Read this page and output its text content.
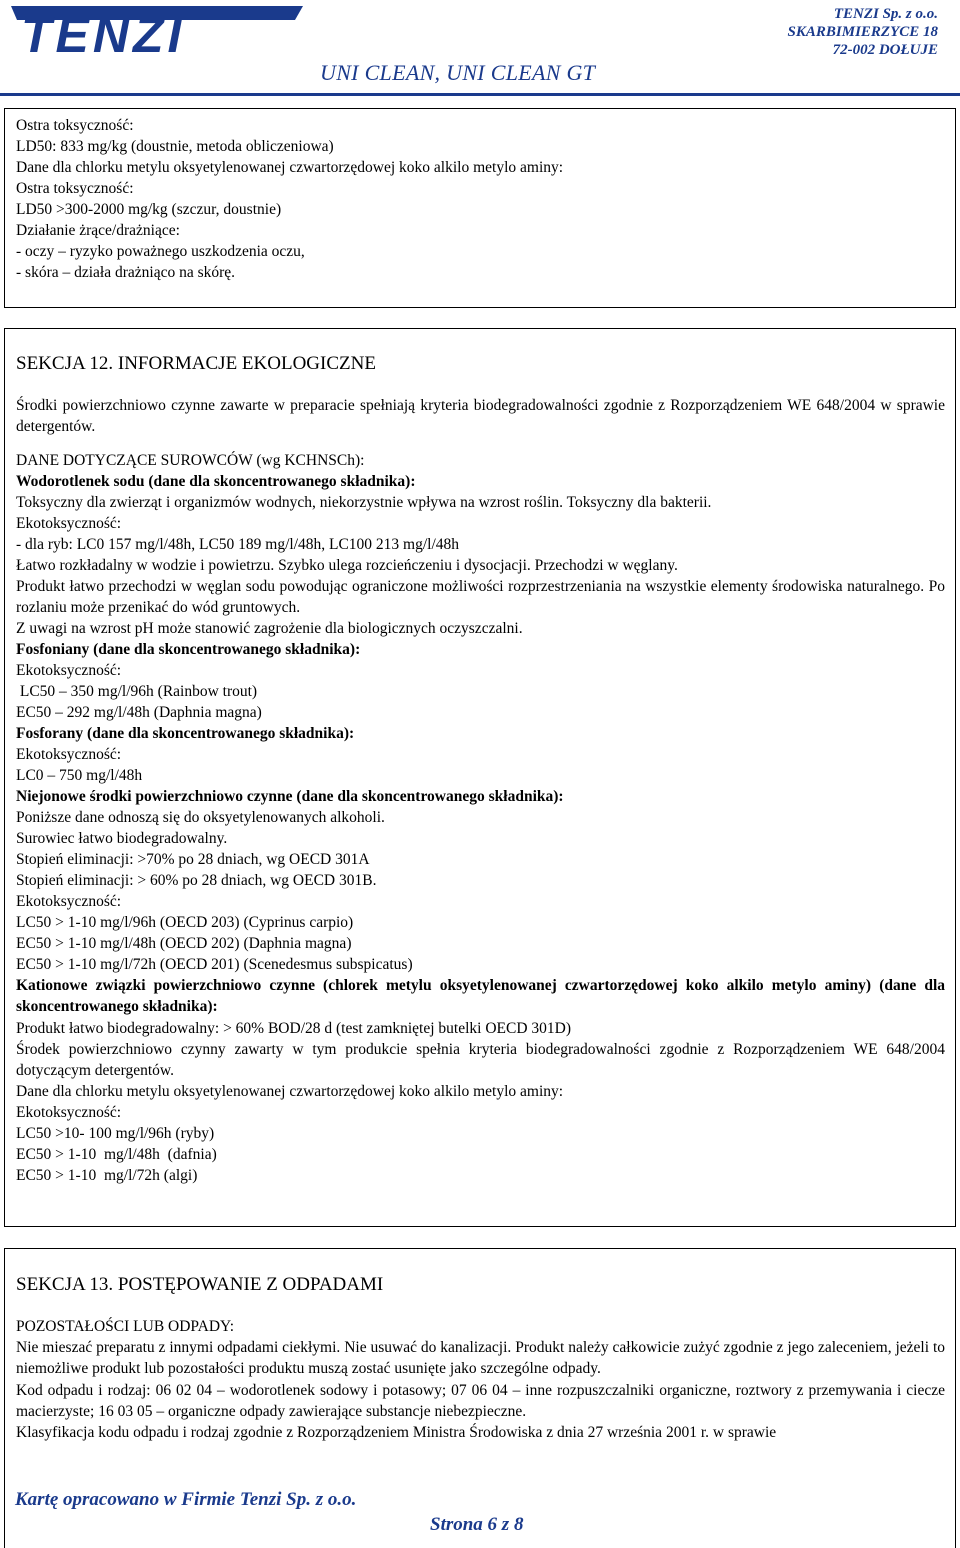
TENZI	TENZI Sp. z o.o.
SKARBIMIERZYCE 18
72-002 DOŁUJE
UNI CLEAN, UNI CLEAN GT
Ostra toksyczność:
LD50: 833 mg/kg (doustnie, metoda obliczeniowa)
Dane dla chlorku metylu oksyetylenowanej czwartorzędowej koko alkilo metylo aminy:
Ostra toksyczność:
LD50 >300-2000 mg/kg (szczur, doustnie)
Działanie żrące/drażniące:
- oczy – ryzyko poważnego uszkodzenia oczu,
- skóra – działa drażniąco na skórę.
SEKCJA 12. INFORMACJE EKOLOGICZNE
Środki powierzchniowo czynne zawarte w preparacie spełniają kryteria biodegradowalności zgodnie z Rozporządzeniem WE 648/2004 w sprawie detergentów.
DANE DOTYCZĄCE SUROWCÓW (wg KCHNSCh):
Wodorotlenek sodu (dane dla skoncentrowanego składnika):
Toksyczny dla zwierząt i organizmów wodnych, niekorzystnie wpływa na wzrost roślin. Toksyczny dla bakterii.
Ekotoksyczność:
- dla ryb: LC0 157 mg/l/48h, LC50 189 mg/l/48h, LC100 213 mg/l/48h
Łatwo rozkładalny w wodzie i powietrzu. Szybko ulega rozcieńczeniu i dysocjacji. Przechodzi w węglany.
Produkt łatwo przechodzi w węglan sodu powodując ograniczone możliwości rozprzestrzeniania na wszystkie elementy środowiska naturalnego. Po rozlaniu może przenikać do wód gruntowych.
Z uwagi na wzrost pH może stanowić zagrożenie dla biologicznych oczyszczalni.
Fosfoniany (dane dla skoncentrowanego składnika):
Ekotoksyczność:
LC50 – 350 mg/l/96h (Rainbow trout)
EC50 – 292 mg/l/48h (Daphnia magna)
Fosforany (dane dla skoncentrowanego składnika):
Ekotoksyczność:
LC0 – 750 mg/l/48h
Niejonowe środki powierzchniowo czynne (dane dla skoncentrowanego składnika):
Poniższe dane odnoszą się do oksyetylenowanych alkoholi.
Surowiec łatwo biodegradowalny.
Stopień eliminacji: >70% po 28 dniach, wg OECD 301A
Stopień eliminacji: > 60% po 28 dniach, wg OECD 301B.
Ekotoksyczność:
LC50 > 1-10 mg/l/96h (OECD 203) (Cyprinus carpio)
EC50 > 1-10 mg/l/48h (OECD 202) (Daphnia magna)
EC50 > 1-10 mg/l/72h (OECD 201) (Scenedesmus subspicatus)
Kationowe związki powierzchniowo czynne (chlorek metylu oksyetylenowanej czwartorzędowej koko alkilo metylo aminy) (dane dla skoncentrowanego składnika):
Produkt łatwo biodegradowalny: > 60% BOD/28 d (test zamkniętej butelki OECD 301D)
Środek powierzchniowo czynny zawarty w tym produkcie spełnia kryteria biodegradowalności zgodnie z Rozporządzeniem WE 648/2004 dotyczącym detergentów.
Dane dla chlorku metylu oksyetylenowanej czwartorzędowej koko alkilo metylo aminy:
Ekotoksyczność:
LC50 >10- 100 mg/l/96h (ryby)
EC50 > 1-10  mg/l/48h  (dafnia)
EC50 > 1-10  mg/l/72h (algi)
SEKCJA 13. POSTĘPOWANIE Z ODPADAMI
POZOSTAŁOŚCI LUB ODPADY:
Nie mieszać preparatu z innymi odpadami ciekłymi. Nie usuwać do kanalizacji. Produkt należy całkowicie zużyć zgodnie z jego zaleceniem, jeżeli to niemożliwe produkt lub pozostałości produktu muszą zostać usunięte jako szczególne odpady.
Kod odpadu i rodzaj: 06 02 04 – wodorotlenek sodowy i potasowy; 07 06 04 – inne rozpuszczalniki organiczne, roztwory z przemywania i ciecze macierzyste; 16 03 05 – organiczne odpady zawierające substancje niebezpieczne.
Klasyfikacja kodu odpadu i rodzaj zgodnie z Rozporządzeniem Ministra Środowiska z dnia 27 września 2001 r. w sprawie
Kartę opracowano w Firmie Tenzi Sp. z o.o.
Strona 6 z 8
